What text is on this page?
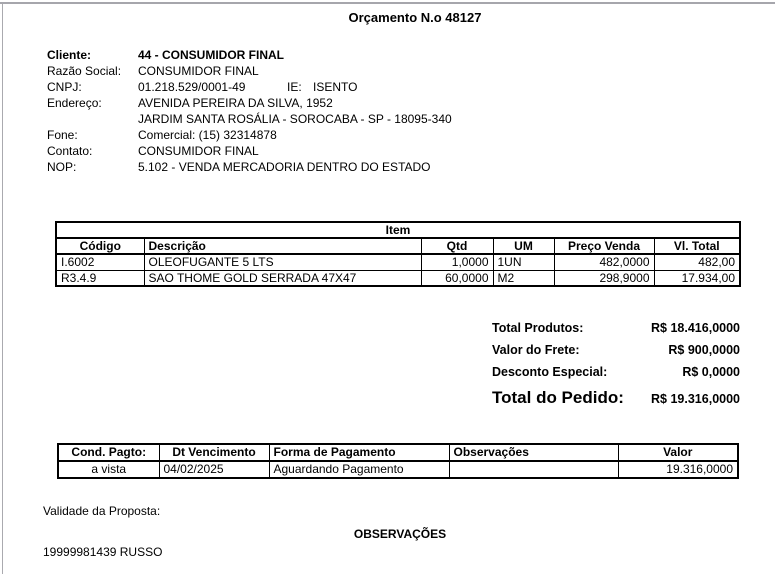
Orçamento N.o 48127
Cliente:	44 - CONSUMIDOR FINAL
Razão Social:	CONSUMIDOR FINAL
CNPJ:	01.218.529/0001-49	IE: ISENTO
Endereço:	AVENIDA PEREIRA DA SILVA, 1952
JARDIM SANTA ROSÁLIA - SOROCABA - SP - 18095-340
Fone:	Comercial: (15) 32314878
Contato:	CONSUMIDOR FINAL
NOP:	5.102 - VENDA MERCADORIA DENTRO DO ESTADO
Item					
Código	Descrição	Qtd	UM	Preço Venda	Vl. Total
I.6002	OLEOFUGANTE 5 LTS	1,0000	1UN	482,0000	482,00
R3.4.9	SAO THOME GOLD SERRADA 47X47	60,0000	M2	298,9000	17.934,00
Total Produtos:	R$ 18.416,0000
Valor do Frete:	R$ 900,0000
Desconto Especial:	R$ 0,0000
Total do Pedido: R$ 19.316,0000
Cond. Pagto:	Dt Vencimento	Forma de Pagamento	Observações	Valor
a vista	04/02/2025	Aguardando Pagamento		19.316,0000
Validade da Proposta:
OBSERVAÇÕES
19999981439 RUSSO
